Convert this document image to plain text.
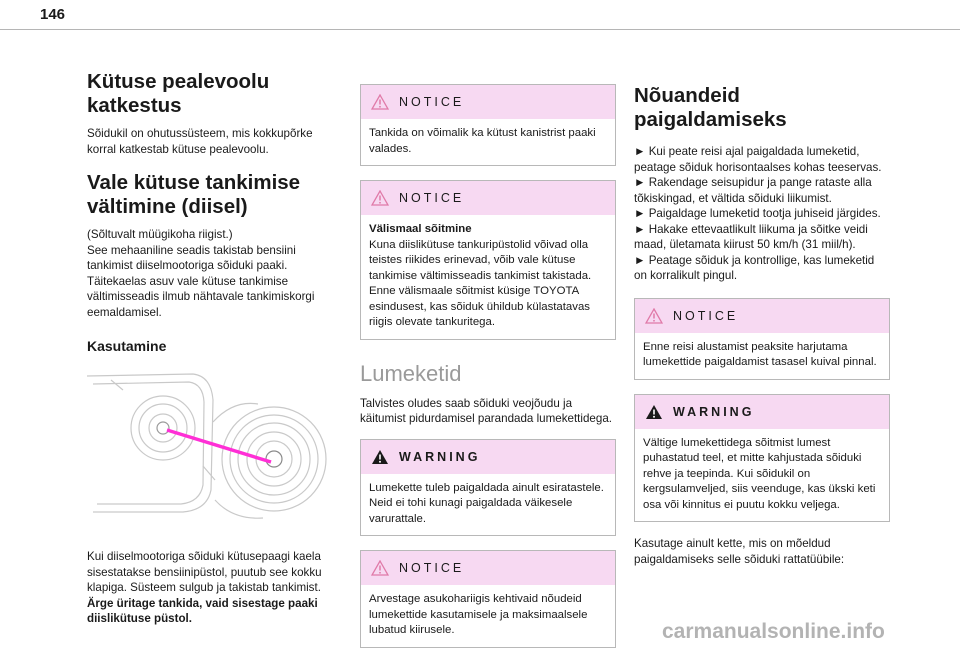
146
Kütuse pealevoolu katkestus

Sõidukil on ohutussüsteem, mis kokkupõrke korral katkestab kütuse pealevoolu.

Vale kütuse tankimise vältimine (diisel)

(Sõltuvalt müügikoha riigist.)

See mehaaniline seadis takistab bensiini tankimist diiselmootoriga sõiduki paaki. Täitekaelas asuv vale kütuse tankimise vältimisseadis ilmub nähtavale tankimiskorgi eemaldamisel.

Kasutamine

Kui diiselmootoriga sõiduki kütusepaagi kaela sisestatakse bensiinipüstol, puutub see kokku klapiga. Süsteem sulgub ja takistab tankimist.

Ärge üritage tankida, vaid sisestage paaki diislikütuse püstol.

NOTICE
Tankida on võimalik ka kütust kanistrist paaki valades.
NOTICE
Välismaal sõitmine
Kuna diislikütuse tankuripüstolid võivad olla teistes riikides erinevad, võib vale kütuse tankimise vältimisseadis tankimist takistada. Enne välismaale sõitmist küsige TOYOTA esindusest, kas sõiduk ühildub külastatavas riigis olevate tankuritega.
Lumeketid

Talvistes oludes saab sõiduki veojõudu ja käitumist pidurdamisel parandada lumekettidega.

WARNING
Lumekette tuleb paigaldada ainult esiratastele. Neid ei tohi kunagi paigaldada väikesele varurattale.
NOTICE
Arvestage asukohariigis kehtivaid nõudeid lumekettide kasutamisele ja maksimaalsele lubatud kiirusele.
Nõuandeid paigaldamiseks

► Kui peate reisi ajal paigaldada lumeketid, peatage sõiduk horisontaalses kohas teeservas.

► Rakendage seisupidur ja pange rataste alla tõkiskingad, et vältida sõiduki liikumist.

► Paigaldage lumeketid tootja juhiseid järgides.

► Hakake ettevaatlikult liikuma ja sõitke veidi maad, ületamata kiirust 50 km/h (31 miil/h).

► Peatage sõiduk ja kontrollige, kas lumeketid on korralikult pingul.

NOTICE
Enne reisi alustamist peaksite harjutama lumekettide paigaldamist tasasel kuival pinnal.
WARNING
Vältige lumekettidega sõitmist lumest puhastatud teel, et mitte kahjustada sõiduki rehve ja teepinda. Kui sõidukil on kergsulamveljed, siis veenduge, kas ükski keti osa või kinnitus ei puutu kokku veljega.

Kasutage ainult kette, mis on mõeldud paigaldamiseks selle sõiduki rattatüübile:

carmanualsonline.info
